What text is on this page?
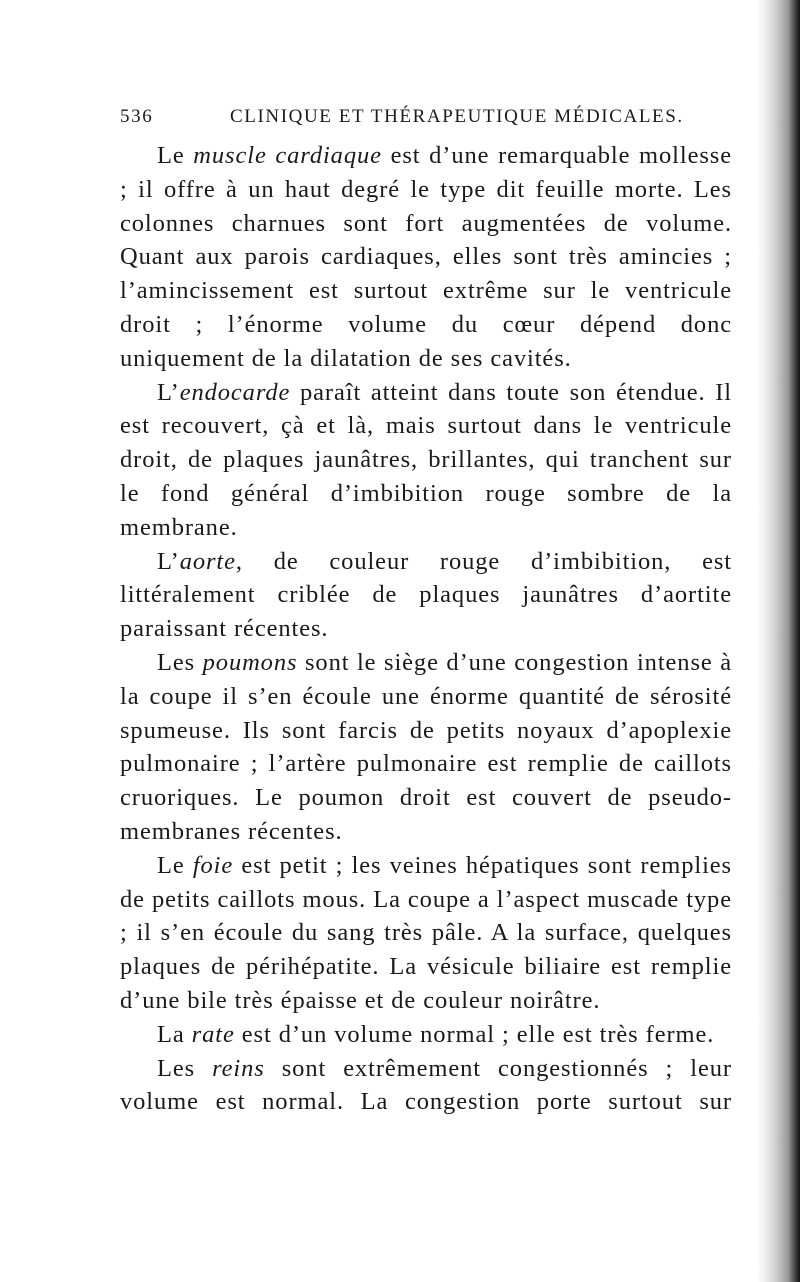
536	CLINIQUE ET THÉRAPEUTIQUE MÉDICALES.

Le muscle cardiaque est d’une remarquable mollesse ; il offre à un haut degré le type dit feuille morte. Les colonnes charnues sont fort augmentées de volume. Quant aux parois cardiaques, elles sont très amincies ; l’amincissement est surtout extrême sur le ventricule droit ; l’énorme volume du cœur dépend donc uniquement de la dilatation de ses cavités.

L’endocarde paraît atteint dans toute son étendue. Il est recouvert, çà et là, mais surtout dans le ventricule droit, de plaques jaunâtres, brillantes, qui tranchent sur le fond général d’imbibition rouge sombre de la membrane.

L’aorte, de couleur rouge d’imbibition, est littéralement criblée de plaques jaunâtres d’aortite paraissant récentes.

Les poumons sont le siège d’une congestion intense à la coupe il s’en écoule une énorme quantité de sérosité spumeuse. Ils sont farcis de petits noyaux d’apoplexie pulmonaire ; l’artère pulmonaire est remplie de caillots cruoriques. Le poumon droit est couvert de pseudo-membranes récentes.

Le foie est petit ; les veines hépatiques sont remplies de petits caillots mous. La coupe a l’aspect muscade type ; il s’en écoule du sang très pâle. A la surface, quelques plaques de périhépatite. La vésicule biliaire est remplie d’une bile très épaisse et de couleur noirâtre.

La rate est d’un volume normal ; elle est très ferme.

Les reins sont extrêmement congestionnés ; leur volume est normal. La congestion porte surtout sur
